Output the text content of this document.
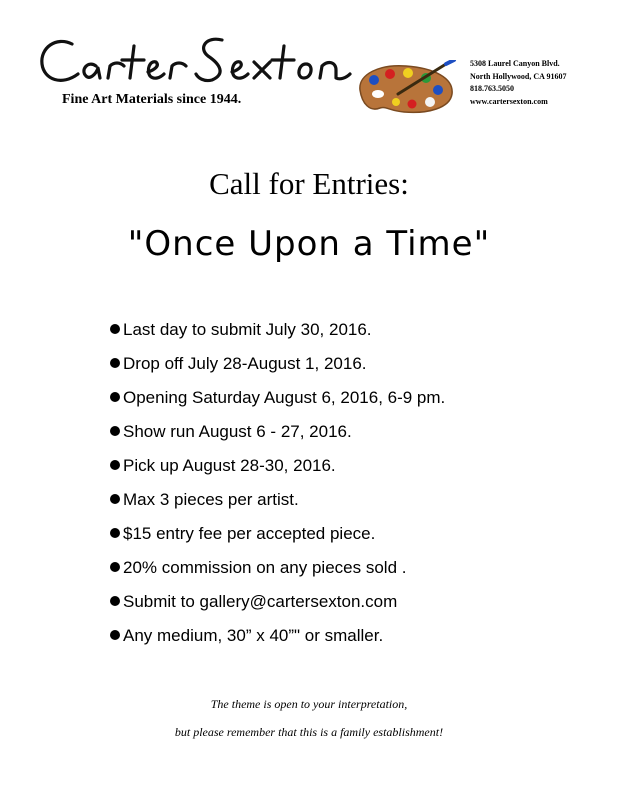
Fine Art Materials since 1944.
5308 Laurel Canyon Blvd.
North Hollywood, CA 91607
818.763.5050
www.cartersexton.com
Call for Entries:
"Once Upon a Time"
Last day to submit July 30, 2016.
Drop off July 28-August 1, 2016.
Opening Saturday August 6, 2016, 6-9 pm.
Show run August 6 - 27, 2016.
Pick up August 28-30, 2016.
Max 3 pieces per artist.
$15 entry fee per accepted piece.
20% commission on any pieces sold .
Submit to gallery@cartersexton.com
Any medium, 30” x 40”" or smaller.
The theme is open to your interpretation,
but please remember that this is a family establishment!
